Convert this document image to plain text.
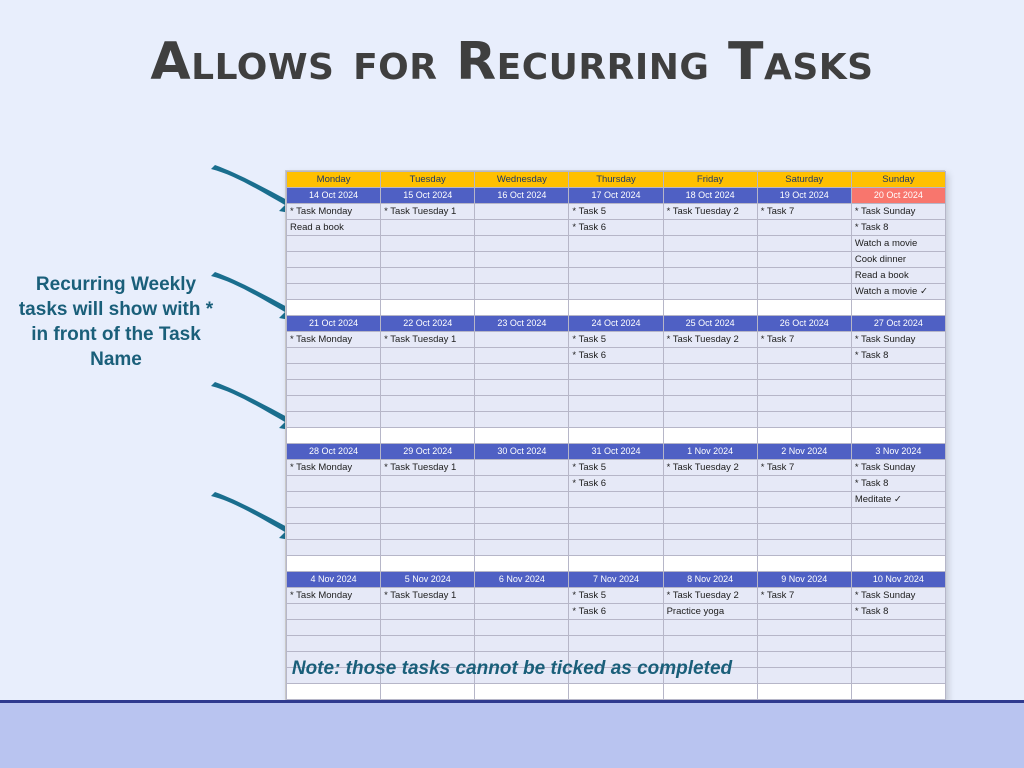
Allows for Recurring Tasks
Recurring Weekly tasks will show with * in front of the Task Name
Monday	Tuesday	Wednesday	Thursday	Friday	Saturday	Sunday
14 Oct 2024	15 Oct 2024	16 Oct 2024	17 Oct 2024	18 Oct 2024	19 Oct 2024	20 Oct 2024
* Task Monday	* Task Tuesday 1		* Task 5	* Task Tuesday 2	* Task 7	* Task Sunday
Read a book			* Task 6			* Task 8
						Watch a movie
						Cook dinner
						Read a book
						Watch a movie ✓

21 Oct 2024	22 Oct 2024	23 Oct 2024	24 Oct 2024	25 Oct 2024	26 Oct 2024	27 Oct 2024
* Task Monday	* Task Tuesday 1		* Task 5	* Task Tuesday 2	* Task 7	* Task Sunday
			* Task 6			* Task 8

28 Oct 2024	29 Oct 2024	30 Oct 2024	31 Oct 2024	1 Nov 2024	2 Nov 2024	3 Nov 2024
* Task Monday	* Task Tuesday 1		* Task 5	* Task Tuesday 2	* Task 7	* Task Sunday
			* Task 6			* Task 8
						Meditate ✓

4 Nov 2024	5 Nov 2024	6 Nov 2024	7 Nov 2024	8 Nov 2024	9 Nov 2024	10 Nov 2024
* Task Monday	* Task Tuesday 1		* Task 5	* Task Tuesday 2	* Task 7	* Task Sunday
			* Task 6	Practice yoga		* Task 8

Note: those tasks cannot be ticked as completed
